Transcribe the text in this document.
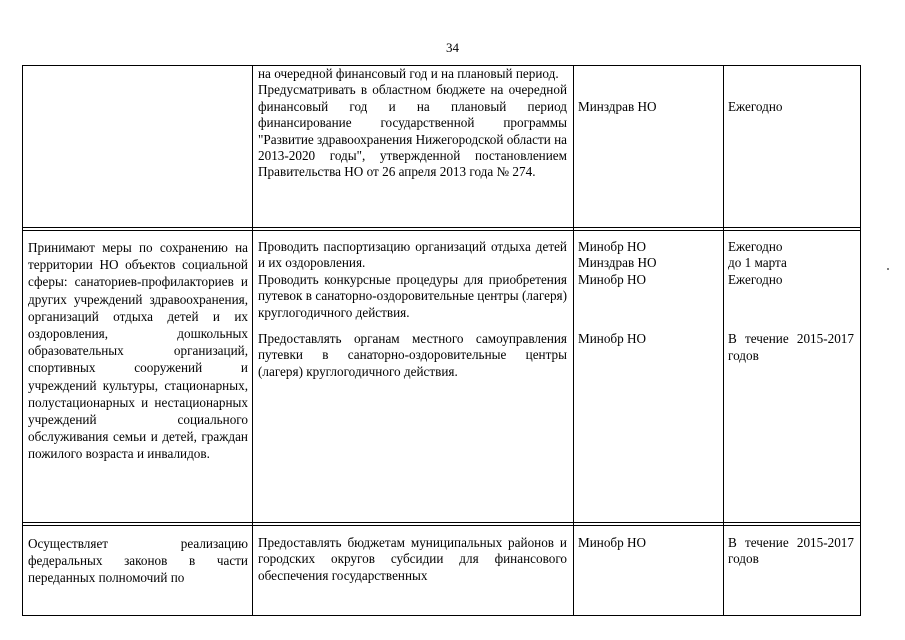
34

на очередной финансовый год и на плановый период.

Предусматривать в областном бюджете на очередной финансовый год и на плановый период финансирование государственной программы "Развитие здравоохранения Нижегородской области на 2013-2020 годы", утвержденной постановлением Правительства НО от 26 апреля 2013 года № 274.

Минздрав НО	Ежегодно

Принимают меры по сохранению на территории НО объектов социальной сферы: санаториев-профилакториев и других учреждений здравоохранения, организаций отдыха детей и их оздоровления, дошкольных образовательных организаций, спортивных сооружений и учреждений культуры, стационарных, полустационарных и нестационарных учреждений социального обслуживания семьи и детей, граждан пожилого возраста и инвалидов.

Проводить паспортизацию организаций отдыха детей и их оздоровления.

Проводить конкурсные процедуры для приобретения путевок в санаторно-оздоровительные центры (лагеря) круглогодичного действия.

Предоставлять органам местного самоуправления путевки в санаторно-оздоровительные центры (лагеря) круглогодичного действия.

Минобр НО

Минздрав НО

Минобр НО

Минобр НО

Ежегодно

до 1 марта

Ежегодно

В течение 2015-2017 годов

Осуществляет реализацию федеральных законов в части переданных полномочий по

Предоставлять бюджетам муниципальных районов и городских округов субсидии для финансового обеспечения государственных

Минобр НО	В течение 2015-2017 годов
